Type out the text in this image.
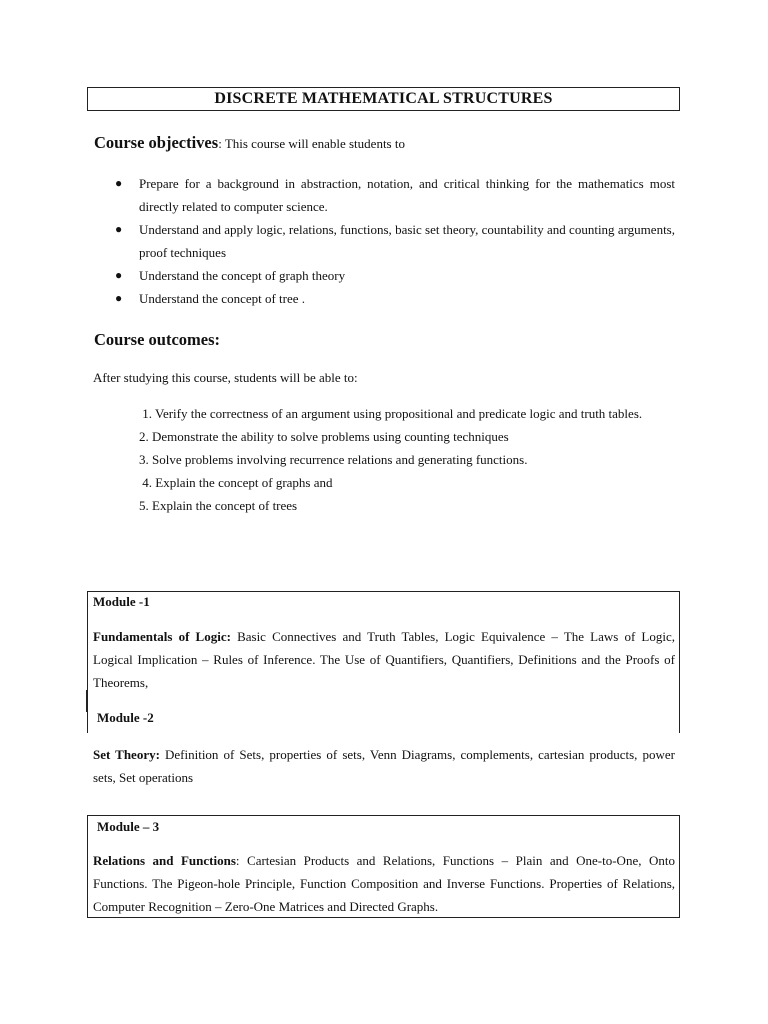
DISCRETE MATHEMATICAL STRUCTURES
Course objectives: This course will enable students to
● Prepare for a background in abstraction, notation, and critical thinking for the mathematics most directly related to computer science.
● Understand and apply logic, relations, functions, basic set theory, countability and counting arguments, proof techniques
● Understand the concept of graph theory
● Understand the concept of tree .
Course outcomes:
After studying this course, students will be able to:
1. Verify the correctness of an argument using propositional and predicate logic and truth tables.
2. Demonstrate the ability to solve problems using counting techniques
3. Solve problems involving recurrence relations and generating functions.
4. Explain the concept of graphs and
5. Explain the concept of trees
Module -1
Fundamentals of Logic: Basic Connectives and Truth Tables, Logic Equivalence – The Laws of Logic, Logical Implication – Rules of Inference. The Use of Quantifiers, Quantifiers, Definitions and the Proofs of Theorems,
Module -2
Set Theory: Definition of Sets, properties of sets, Venn Diagrams, complements, cartesian products, power sets, Set operations
Module – 3
Relations and Functions: Cartesian Products and Relations, Functions – Plain and One-to-One, Onto Functions. The Pigeon-hole Principle, Function Composition and Inverse Functions. Properties of Relations, Computer Recognition – Zero-One Matrices and Directed Graphs.
